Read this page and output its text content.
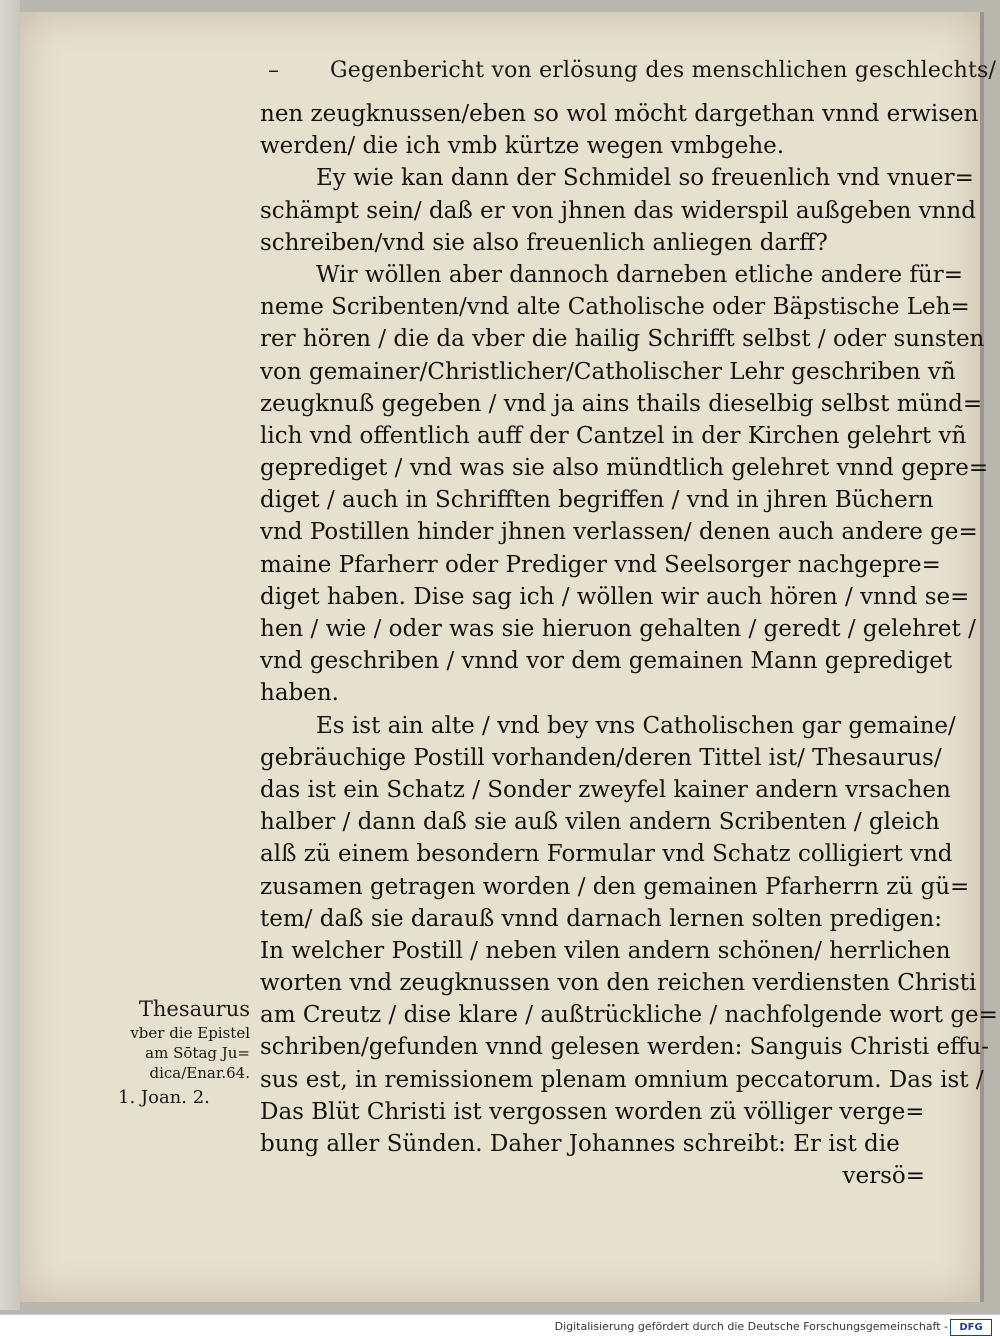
– Gegenbericht von erlösung des menschlichen geschlechts/
nen zeugknussen/eben so wol möcht dargethan vnnd erwisen
werden/ die ich vmb kürtze wegen vmbgehe.
Ey wie kan dann der Schmidel so freuenlich vnd vnuer=
schämpt sein/ daß er von jhnen das widerspil außgeben vnnd
schreiben/vnd sie also freuenlich anliegen darff?
Wir wöllen aber dannoch darneben etliche andere für=
neme Scribenten/vnd alte Catholische oder Bäpstische Leh=
rer hören / die da vber die hailig Schrifft selbst / oder sunsten
von gemainer/Christlicher/Catholischer Lehr geschriben vñ
zeugknuß gegeben / vnd ja ains thails dieselbig selbst münd=
lich vnd offentlich auff der Cantzel in der Kirchen gelehrt vñ
geprediget / vnd was sie also mündtlich gelehret vnnd gepre=
diget / auch in Schrifften begriffen / vnd in jhren Büchern
vnd Postillen hinder jhnen verlassen/ denen auch andere ge=
maine Pfarherr oder Prediger vnd Seelsorger nachgepre=
diget haben. Dise sag ich / wöllen wir auch hören / vnnd se=
hen / wie / oder was sie hieruon gehalten / geredt / gelehret /
vnd geschriben / vnnd vor dem gemainen Mann geprediget
haben.
Es ist ain alte / vnd bey vns Catholischen gar gemaine/
gebräuchige Postill vorhanden/deren Tittel ist/ Thesaurus/
das ist ein Schatz / Sonder zweyfel kainer andern vrsachen
halber / dann daß sie auß vilen andern Scribenten / gleich
alß zü einem besondern Formular vnd Schatz colligiert vnd
zusamen getragen worden / den gemainen Pfarherrn zü gü=
tem/ daß sie darauß vnnd darnach lernen solten predigen:
In welcher Postill / neben vilen andern schönen/ herrlichen
worten vnd zeugknussen von den reichen verdiensten Christi
am Creutz / dise klare / außtrückliche / nachfolgende wort ge=
schriben/gefunden vnnd gelesen werden: Sanguis Christi effu-
sus est, in remissionem plenam omnium peccatorum. Das ist /
Das Blüt Christi ist vergossen worden zü völliger verge=
bung aller Sünden. Daher Johannes schreibt: Er ist die
versö=
Thesaurus
vber die Epistel
am Sōtag Ju=
dica/Enar.64.
1. Joan. 2.
Digitalisierung gefördert durch die Deutsche Forschungsgemeinschaft -	DFG
